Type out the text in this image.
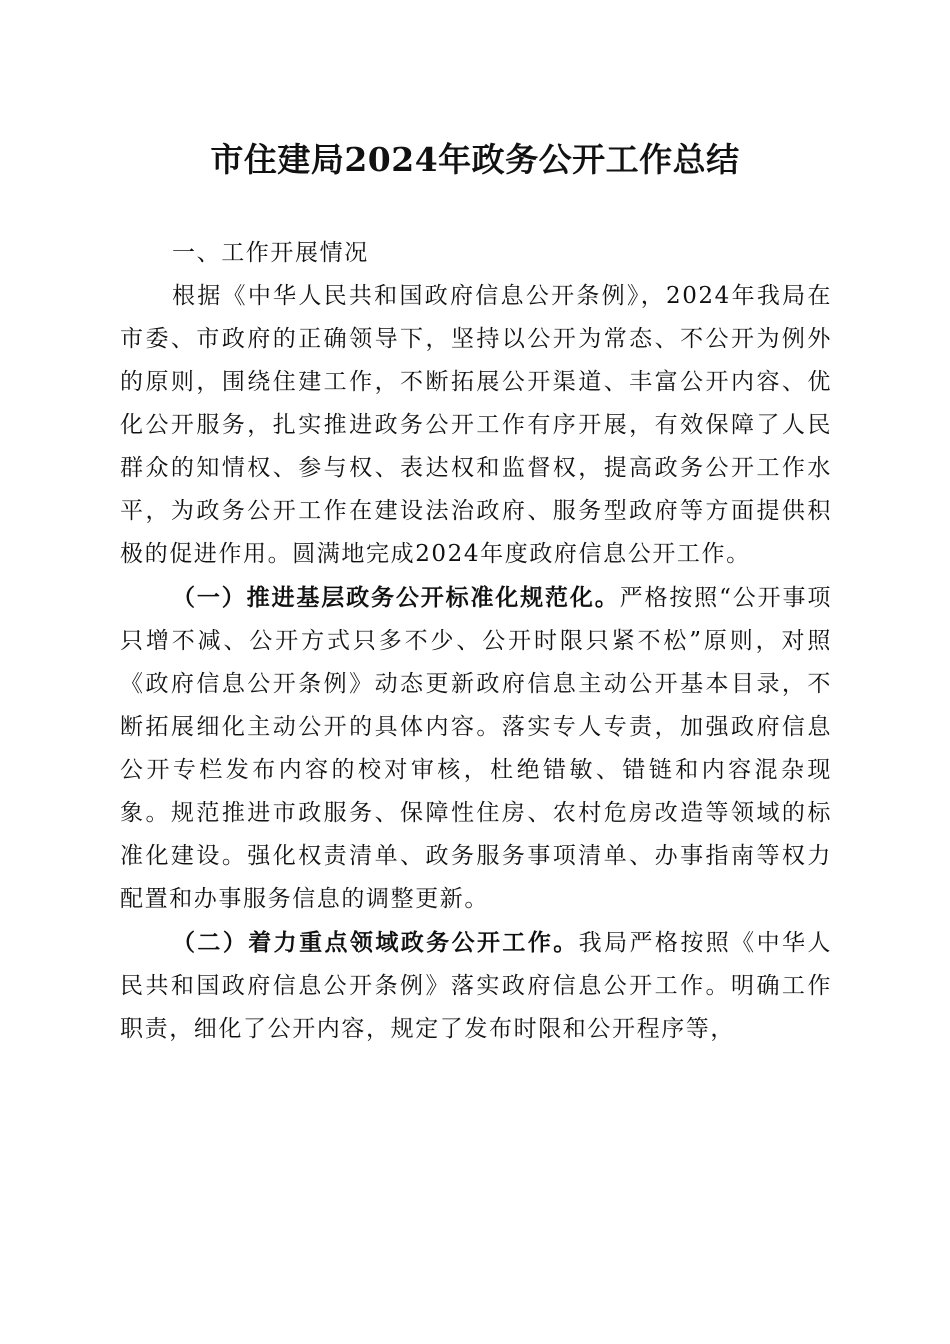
市住建局2024年政务公开工作总结
一、工作开展情况

根据《中华人民共和国政府信息公开条例》，2024年我局在市委、市政府的正确领导下，坚持以公开为常态、不公开为例外的原则，围绕住建工作，不断拓展公开渠道、丰富公开内容、优化公开服务，扎实推进政务公开工作有序开展，有效保障了人民群众的知情权、参与权、表达权和监督权，提高政务公开工作水平，为政务公开工作在建设法治政府、服务型政府等方面提供积极的促进作用。圆满地完成2024年度政府信息公开工作。

（一）推进基层政务公开标准化规范化。严格按照“公开事项只增不减、公开方式只多不少、公开时限只紧不松”原则，对照《政府信息公开条例》动态更新政府信息主动公开基本目录，不断拓展细化主动公开的具体内容。落实专人专责，加强政府信息公开专栏发布内容的校对审核，杜绝错敏、错链和内容混杂现象。规范推进市政服务、保障性住房、农村危房改造等领域的标准化建设。强化权责清单、政务服务事项清单、办事指南等权力配置和办事服务信息的调整更新。

（二）着力重点领域政务公开工作。我局严格按照《中华人民共和国政府信息公开条例》落实政府信息公开工作。明确工作职责，细化了公开内容，规定了发布时限和公开程序等，
